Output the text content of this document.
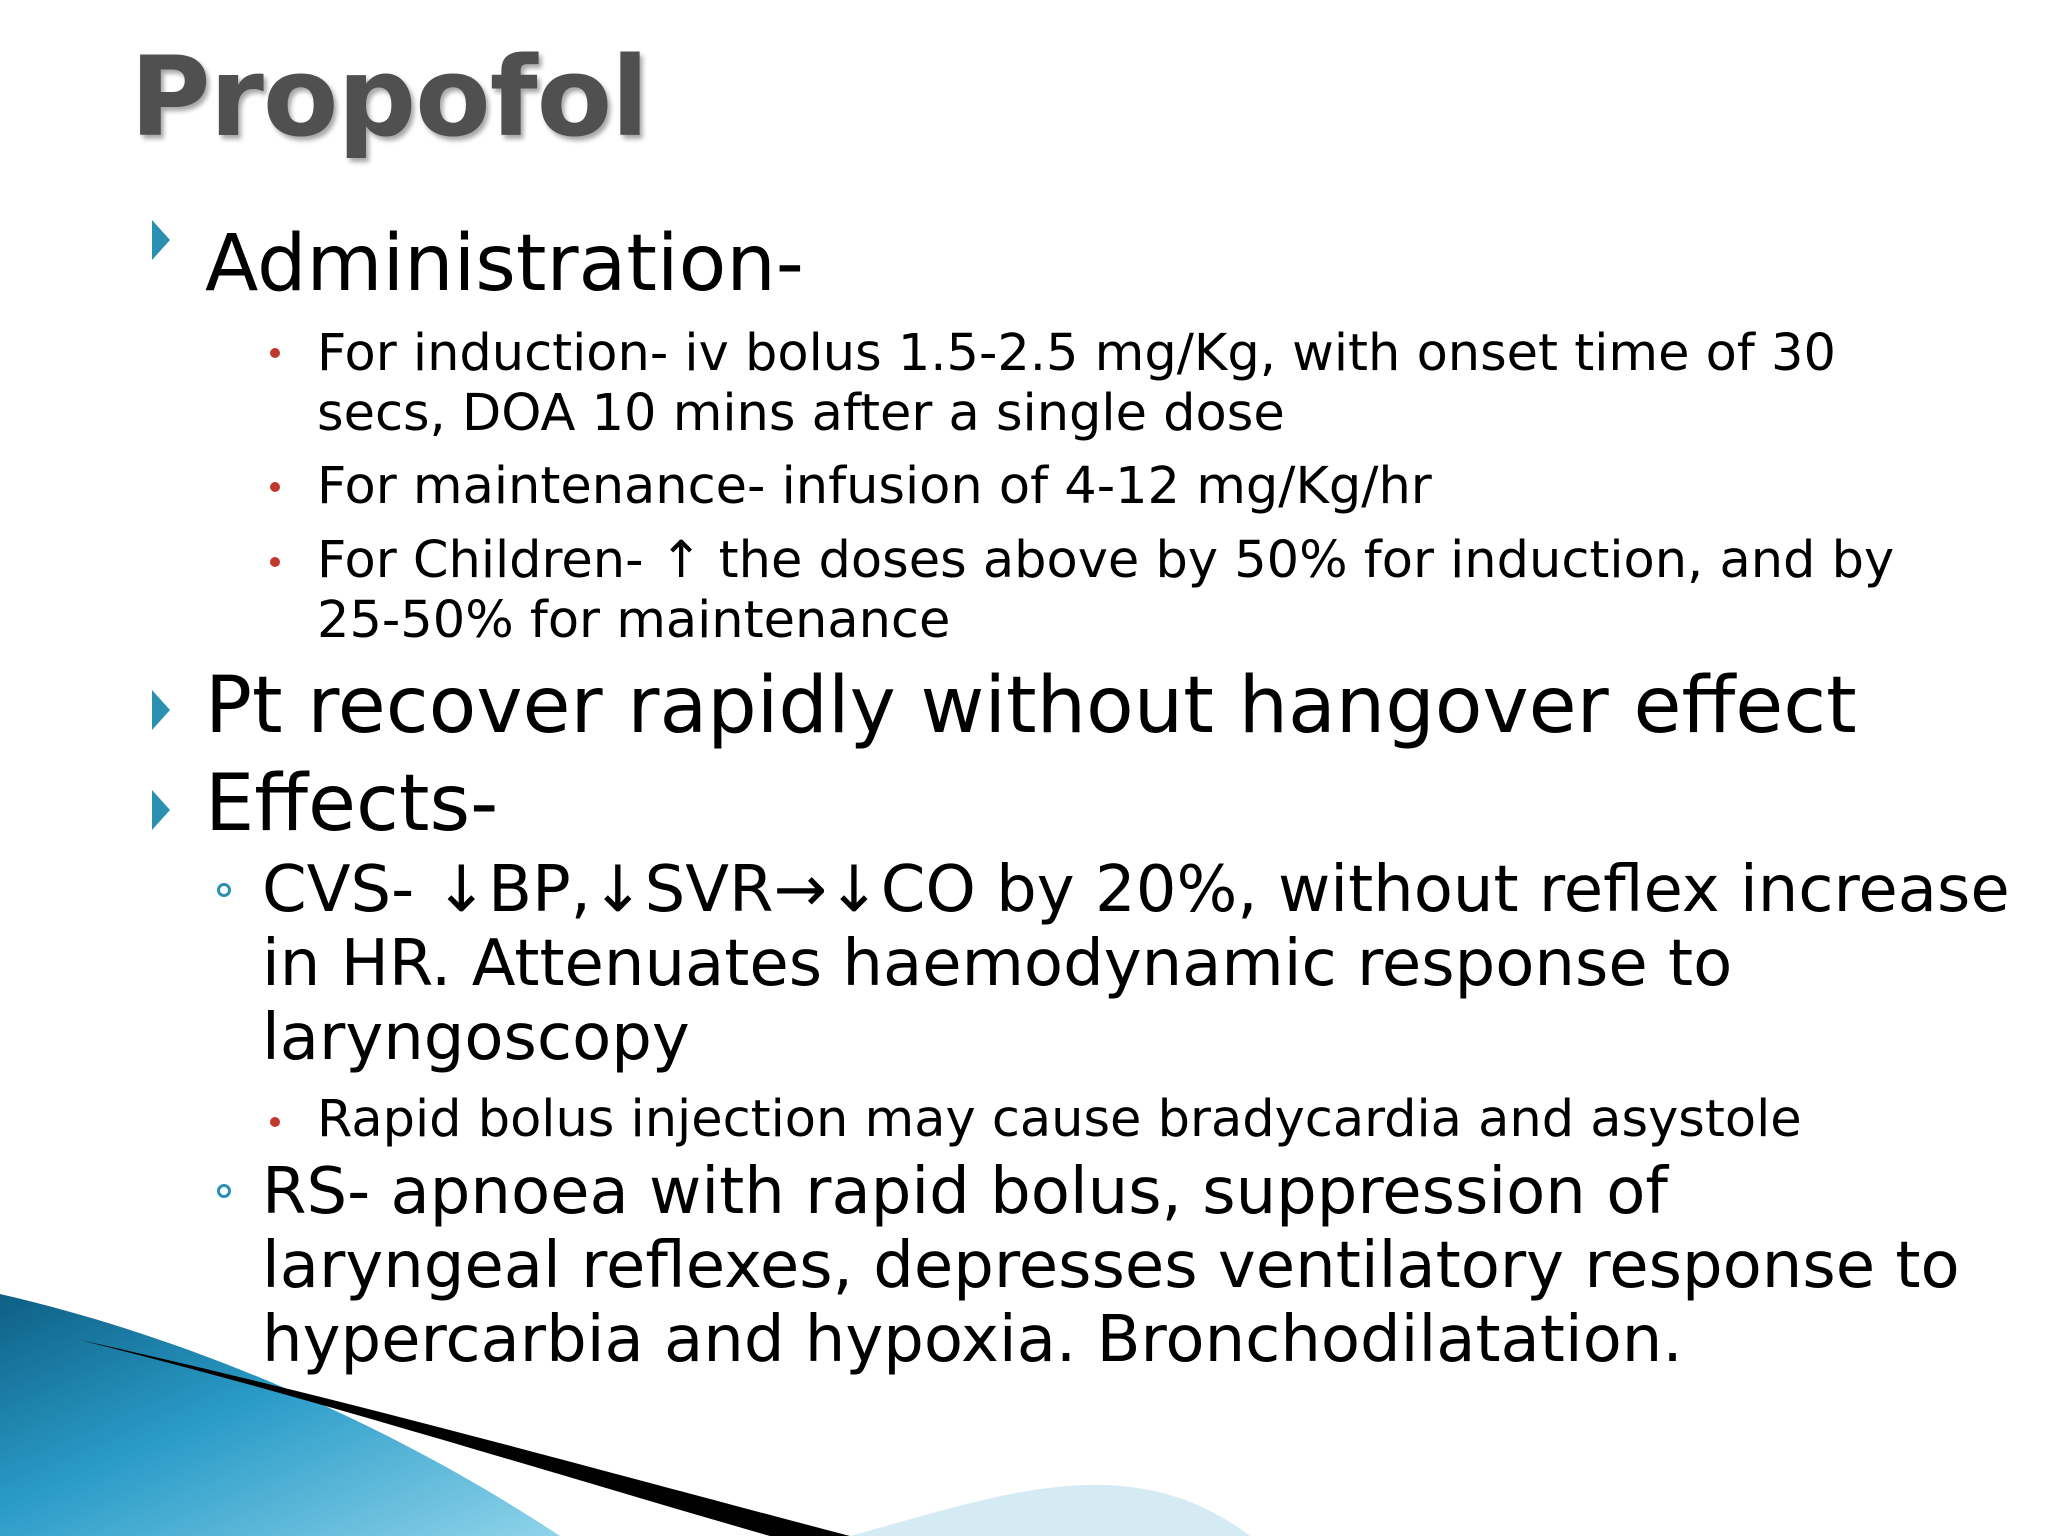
Propofol

Administration-

For induction- iv bolus 1.5-2.5 mg/Kg, with onset time of 30

secs, DOA 10 mins after a single dose

For maintenance- infusion of 4-12 mg/Kg/hr

For Children- ↑ the doses above by 50% for induction, and by

25-50% for maintenance

Pt recover rapidly without hangover effect

Effects-

CVS- ↓BP,↓SVR→↓CO by 20%, without reflex increase

in HR. Attenuates haemodynamic response to

laryngoscopy

Rapid bolus injection may cause bradycardia and asystole

RS- apnoea with rapid bolus, suppression of

laryngeal reflexes, depresses ventilatory response to

hypercarbia and hypoxia. Bronchodilatation.
